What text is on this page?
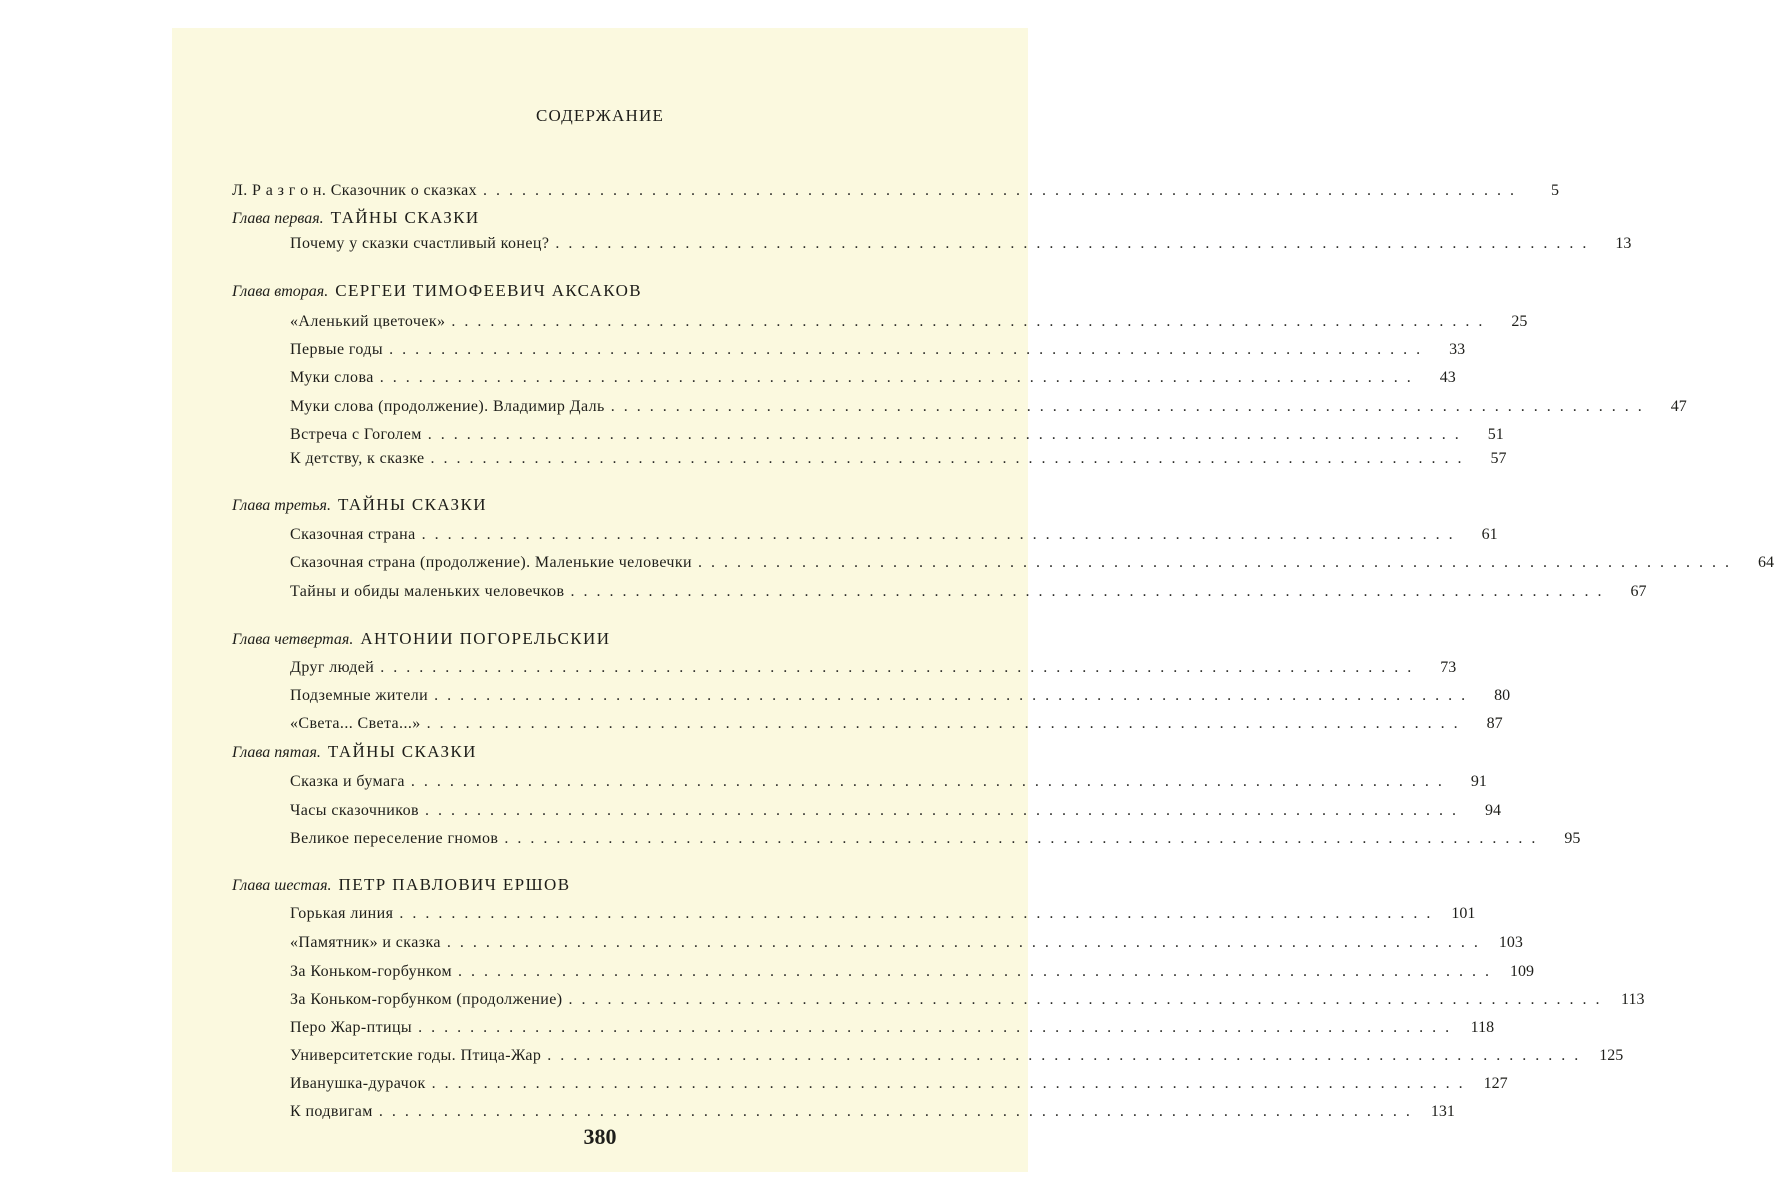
СОДЕРЖАНИЕ
Л. Р а з г о н. Сказочник о сказках ................................................................................	5
Глава первая. ТАЙНЫ СКАЗКИ
Почему у сказки счастливый конец? ................................................................................	13
Глава вторая. СЕРГЕИ ТИМОФЕЕВИЧ АКСАКОВ
«Аленький цветочек» ................................................................................	25
Первые годы ................................................................................	33
Муки слова ................................................................................	43
Муки слова (продолжение). Владимир Даль ................................................................................	47
Встреча с Гоголем ................................................................................	51
К детству, к сказке ................................................................................	57
Глава третья. ТАЙНЫ СКАЗКИ
Сказочная страна ................................................................................	61
Сказочная страна (продолжение). Маленькие человечки ................................................................................	64
Тайны и обиды маленьких человечков ................................................................................	67
Глава четвертая. АНТОНИИ ПОГОРЕЛЬСКИИ
Друг людей ................................................................................	73
Подземные жители ................................................................................	80
«Света... Света...» ................................................................................	87
Глава пятая. ТАЙНЫ СКАЗКИ
Сказка и бумага ................................................................................	91
Часы сказочников ................................................................................	94
Великое переселение гномов ................................................................................	95
Глава шестая. ПЕТР ПАВЛОВИЧ ЕРШОВ
Горькая линия ................................................................................ 101
«Памятник» и сказка ................................................................................ 103
За Коньком-горбунком ................................................................................ 109
За Коньком-горбунком (продолжение) ................................................................................ 113
Перо Жар-птицы ................................................................................ 118
Университетские годы. Птица-Жар ................................................................................ 125
Иванушка-дурачок ................................................................................ 127
К подвигам ................................................................................ 131
380
